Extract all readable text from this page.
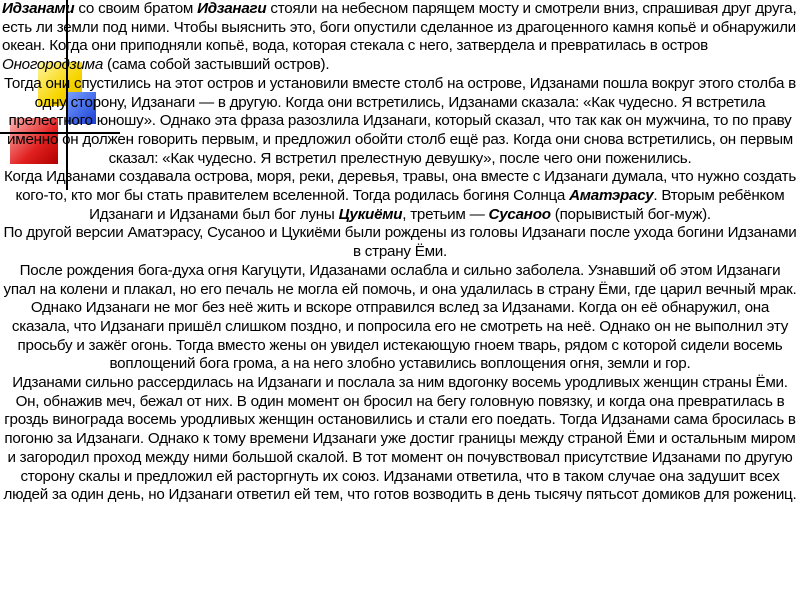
Идзанами со своим братом Идзанаги стояли на небесном парящем мосту и смотрели вниз, спрашивая друг друга, есть ли земли под ними. Чтобы выяснить это, боги опустили сделанное из драгоценного камня копьё и обнаружили океан. Когда они приподняли копьё, вода, которая стекала с него, затвердела и превратилась в остров Оногородзима (сама собой застывший остров).

Тогда они спустились на этот остров и установили вместе столб на острове, Идзанами пошла вокруг этого столба в одну сторону, Идзанаги — в другую. Когда они встретились, Идзанами сказала: «Как чудесно. Я встретила прелестного юношу». Однако эта фраза разозлила Идзанаги, который сказал, что так как он мужчина, то по праву именно он должен говорить первым, и предложил обойти столб ещё раз. Когда они снова встретились, он первым сказал: «Как чудесно. Я встретил прелестную девушку», после чего они поженились.

Когда Идзанами создавала острова, моря, реки, деревья, травы, она вместе с Идзанаги думала, что нужно создать кого-то, кто мог бы стать правителем вселенной. Тогда родилась богиня Солнца Аматэрасу. Вторым ребёнком Идзанаги и Идзанами был бог луны Цукиёми, третьим — Сусаноо (порывистый бог-муж).

По другой версии Аматэрасу, Сусаноо и Цукиёми были рождены из головы Идзанаги после ухода богини Идзанами в страну Ёми.

После рождения бога-духа огня Кагуцути, Идазанами ослабла и сильно заболела. Узнавший об этом Идзанаги упал на колени и плакал, но его печаль не могла ей помочь, и она удалилась в страну Ёми, где царил вечный мрак.

Однако Идзанаги не мог без неё жить и вскоре отправился вслед за Идзанами. Когда он её обнаружил, она сказала, что Идзанаги пришёл слишком поздно, и попросила его не смотреть на неё. Однако он не выполнил эту просьбу и зажёг огонь. Тогда вместо жены он увидел истекающую гноем тварь, рядом с которой сидели восемь воплощений бога грома, а на него злобно уставились воплощения огня, земли и гор.

Идзанами сильно рассердилась на Идзанаги и послала за ним вдогонку восемь уродливых женщин страны Ёми. Он, обнажив меч, бежал от них. В один момент он бросил на бегу головную повязку, и когда она превратилась в гроздь винограда восемь уродливых женщин остановились и стали его поедать. Тогда Идзанами сама бросилась в погоню за Идзанаги. Однако к тому времени Идзанаги уже достиг границы между страной Ёми и остальным миром и загородил проход между ними большой скалой. В тот момент он почувствовал присутствие Идзанами по другую сторону скалы и предложил ей расторгнуть их союз. Идзанами ответила, что в таком случае она задушит всех людей за один день, но Идзанаги ответил ей тем, что готов возводить в день тысячу пятьсот домиков для рожениц.
